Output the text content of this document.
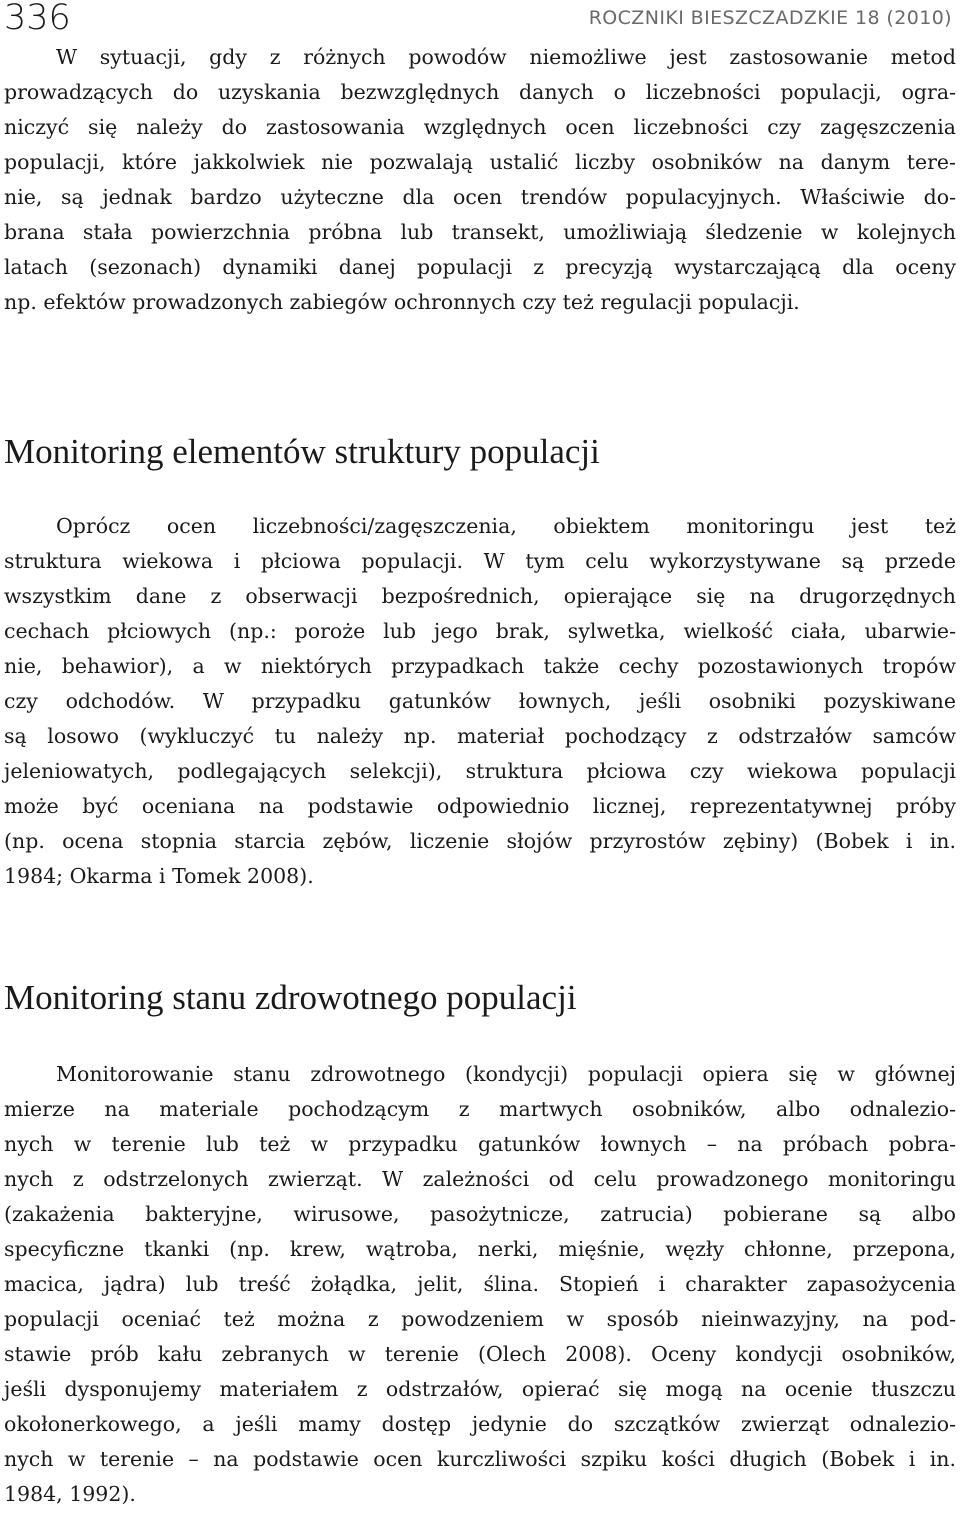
336	ROCZNIKI BIESZCZADZKIE 18 (2010)

W sytuacji, gdy z różnych powodów niemożliwe jest zastosowanie metod
prowadzących do uzyskania bezwzględnych danych o liczebności populacji, ogra-
niczyć się należy do zastosowania względnych ocen liczebności czy zagęszczenia
populacji, które jakkolwiek nie pozwalają ustalić liczby osobników na danym tere-
nie, są jednak bardzo użyteczne dla ocen trendów populacyjnych. Właściwie do-
brana stała powierzchnia próbna lub transekt, umożliwiają śledzenie w kolejnych
latach (sezonach) dynamiki danej populacji z precyzją wystarczającą dla oceny
np. efektów prowadzonych zabiegów ochronnych czy też regulacji populacji.

Monitoring elementów struktury populacji

Oprócz ocen liczebności/zagęszczenia, obiektem monitoringu jest też
struktura wiekowa i płciowa populacji. W tym celu wykorzystywane są przede
wszystkim dane z obserwacji bezpośrednich, opierające się na drugorzędnych
cechach płciowych (np.: poroże lub jego brak, sylwetka, wielkość ciała, ubarwie-
nie, behawior), a w niektórych przypadkach także cechy pozostawionych tropów
czy odchodów. W przypadku gatunków łownych, jeśli osobniki pozyskiwane
są losowo (wykluczyć tu należy np. materiał pochodzący z odstrzałów samców
jeleniowatych, podlegających selekcji), struktura płciowa czy wiekowa populacji
może być oceniana na podstawie odpowiednio licznej, reprezentatywnej próby
(np. ocena stopnia starcia zębów, liczenie słojów przyrostów zębiny) (Bobek i in.
1984; Okarma i Tomek 2008).

Monitoring stanu zdrowotnego populacji

Monitorowanie stanu zdrowotnego (kondycji) populacji opiera się w głównej
mierze na materiale pochodzącym z martwych osobników, albo odnalezio-
nych w terenie lub też w przypadku gatunków łownych – na próbach pobra-
nych z odstrzelonych zwierząt. W zależności od celu prowadzonego monitoringu
(zakażenia bakteryjne, wirusowe, pasożytnicze, zatrucia) pobierane są albo
specyficzne tkanki (np. krew, wątroba, nerki, mięśnie, węzły chłonne, przepona,
macica, jądra) lub treść żołądka, jelit, ślina. Stopień i charakter zapasożycenia
populacji oceniać też można z powodzeniem w sposób nieinwazyjny, na pod-
stawie prób kału zebranych w terenie (Olech 2008). Oceny kondycji osobników,
jeśli dysponujemy materiałem z odstrzałów, opierać się mogą na ocenie tłuszczu
okołonerkowego, a jeśli mamy dostęp jedynie do szczątków zwierząt odnalezio-
nych w terenie – na podstawie ocen kurczliwości szpiku kości długich (Bobek i in.
1984, 1992).
